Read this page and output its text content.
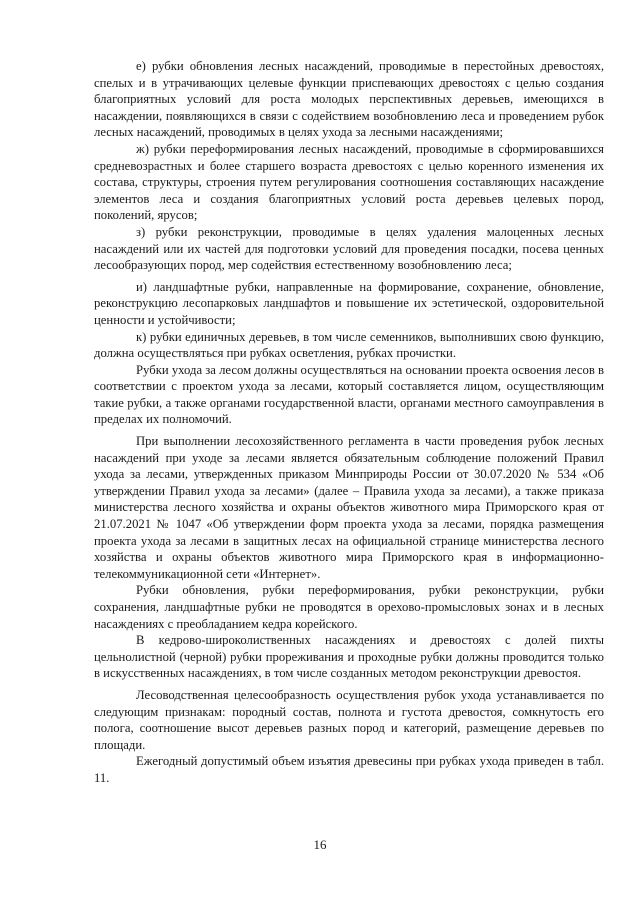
е) рубки обновления лесных насаждений, проводимые в перестойных древостоях, спелых и в утрачивающих целевые функции приспевающих древостоях с целью создания благоприятных условий для роста молодых перспективных деревьев, имеющихся в насаждении, появляющихся в связи с содействием возобновлению леса и проведением рубок лесных насаждений, проводимых в целях ухода за лесными насаждениями;

ж) рубки переформирования лесных насаждений, проводимые в сформировавшихся средневозрастных и более старшего возраста древостоях с целью коренного изменения их состава, структуры, строения путем регулирования соотношения составляющих насаждение элементов леса и создания благоприятных условий роста деревьев целевых пород, поколений, ярусов;

з) рубки реконструкции, проводимые в целях удаления малоценных лесных насаждений или их частей для подготовки условий для проведения посадки, посева ценных лесообразующих пород, мер содействия естественному возобновлению леса;

и) ландшафтные рубки, направленные на формирование, сохранение, обновление, реконструкцию лесопарковых ландшафтов и повышение их эстетической, оздоровительной ценности и устойчивости;

к) рубки единичных деревьев, в том числе семенников, выполнивших свою функцию, должна осуществляться при рубках осветления, рубках прочистки.

Рубки ухода за лесом должны осуществляться на основании проекта освоения лесов в соответствии с проектом ухода за лесами, который составляется лицом, осуществляющим такие рубки, а также органами государственной власти, органами местного самоуправления в пределах их полномочий.

При выполнении лесохозяйственного регламента в части проведения рубок лесных насаждений при уходе за лесами является обязательным соблюдение положений Правил ухода за лесами, утвержденных приказом Минприроды России от 30.07.2020 № 534 «Об утверждении Правил ухода за лесами» (далее – Правила ухода за лесами), а также приказа министерства лесного хозяйства и охраны объектов животного мира Приморского края от 21.07.2021 № 1047 «Об утверждении форм проекта ухода за лесами, порядка размещения проекта ухода за лесами в защитных лесах на официальной странице министерства лесного хозяйства и охраны объектов животного мира Приморского края в информационно-телекоммуникационной сети «Интернет».

Рубки обновления, рубки переформирования, рубки реконструкции, рубки сохранения, ландшафтные рубки не проводятся в орехово-промысловых зонах и в лесных насаждениях с преобладанием кедра корейского.

В кедрово-широколиственных насаждениях и древостоях с долей пихты цельнолистной (черной) рубки прореживания и проходные рубки должны проводится только в искусственных насаждениях, в том числе созданных методом реконструкции древостоя.

Лесоводственная целесообразность осуществления рубок ухода устанавливается по следующим признакам: породный состав, полнота и густота древостоя, сомкнутость его полога, соотношение высот деревьев разных пород и категорий, размещение деревьев по площади.

Ежегодный допустимый объем изъятия древесины при рубках ухода приведен в табл. 11.

16
